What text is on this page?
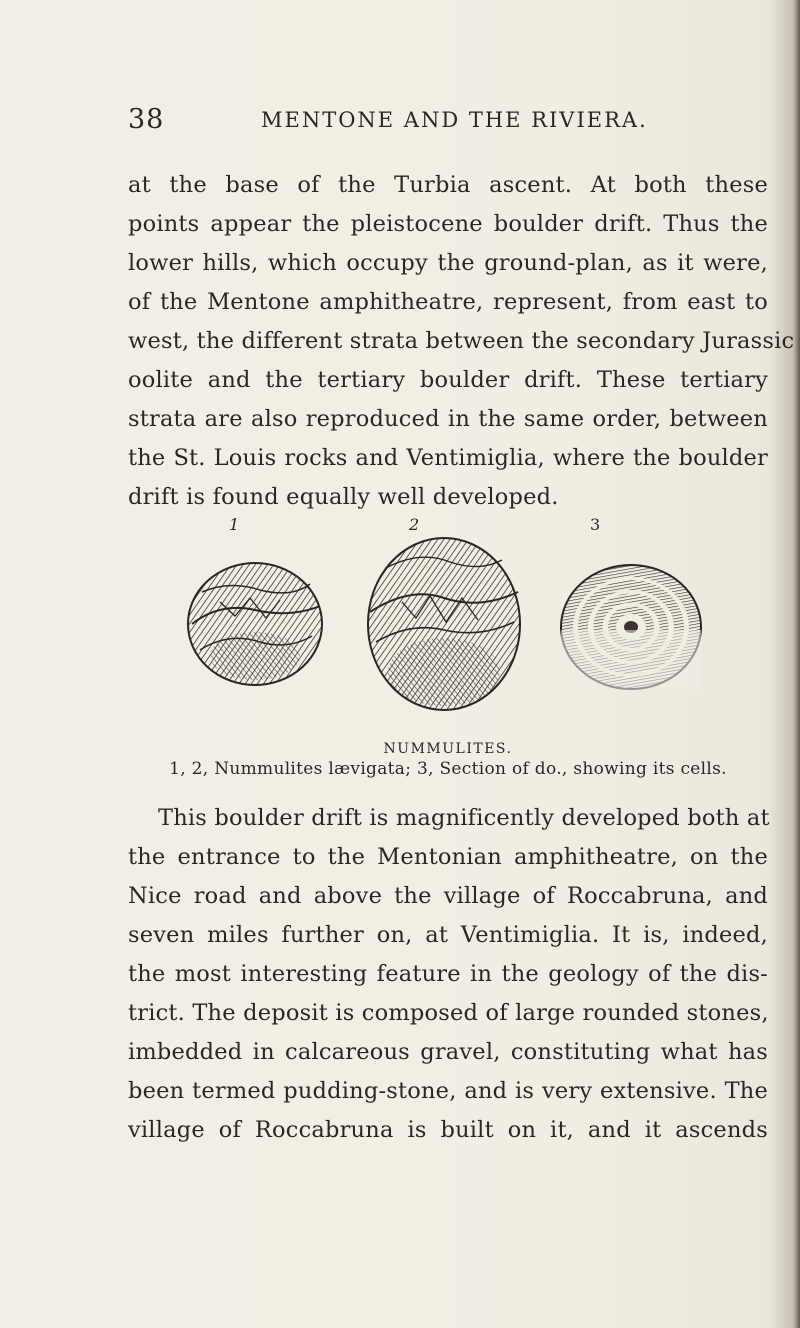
38	MENTONE AND THE RIVIERA.

at the base of the Turbia ascent. At both these
points appear the pleistocene boulder drift. Thus the
lower hills, which occupy the ground-plan, as it were,
of the Mentone amphitheatre, represent, from east to
west, the different strata between the secondary Jurassic
oolite and the tertiary boulder drift. These tertiary
strata are also reproduced in the same order, between
the St. Louis rocks and Ventimiglia, where the boulder
drift is found equally well developed.

1	2	3
NUMMULITES.
1, 2, Nummulites lævigata; 3, Section of do., showing its cells.

This boulder drift is magnificently developed both at
the entrance to the Mentonian amphitheatre, on the
Nice road and above the village of Roccabruna, and
seven miles further on, at Ventimiglia. It is, indeed,
the most interesting feature in the geology of the dis-
trict. The deposit is composed of large rounded stones,
imbedded in calcareous gravel, constituting what has
been termed pudding-stone, and is very extensive. The
village of Roccabruna is built on it, and it ascends
